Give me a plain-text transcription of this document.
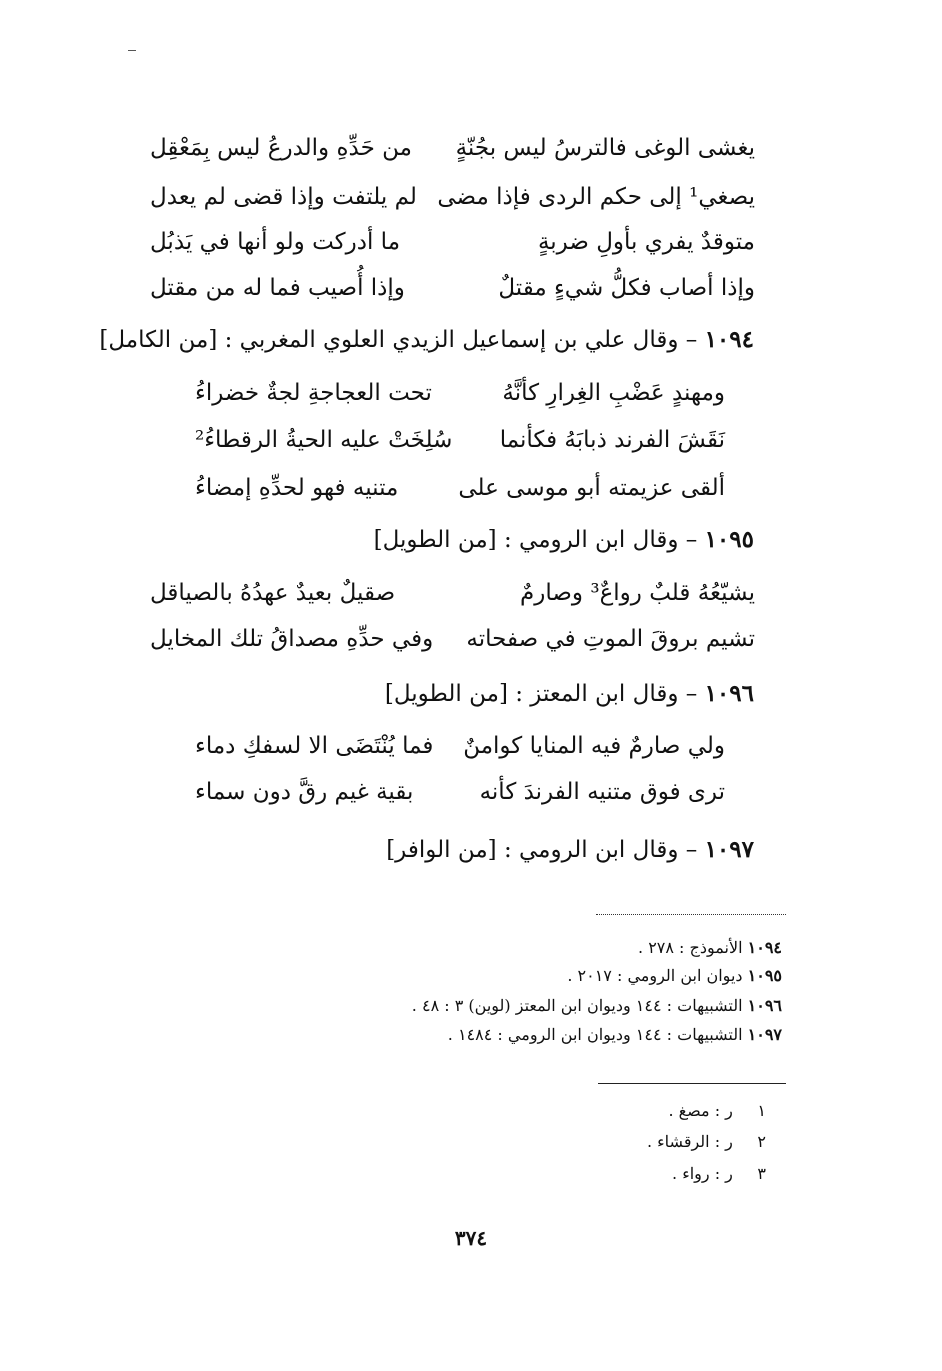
يغشى الوغى فالترسُ ليس بجُنّةٍ
من حَدِّهِ والدرعُ ليس بِمَعْقِل
يصغي¹ إلى حكم الردى فإذا مضى
لم يلتفت وإذا قضى لم يعدل
متوقدٌ يفري بأولِ ضربةٍ
ما أدركت ولو أنها في يَذبُل
وإذا أصاب فكلُّ شيءٍ مقتلٌ
وإذا أُصيب فما له من مقتل
١٠٩٤ – وقال علي بن إسماعيل الزيدي العلوي المغربي : [من الكامل]
ومهندٍ عَضْبِ الغِرارِ كأنَّهُ
تحت العجاجةِ لجةٌ خضراءُ
نَقَشَ الفرند ذبابَهُ فكأنما
سُلِخَتْ عليه الحيةُ الرقطاءُ²
ألقى عزيمته أبو موسى على
متنيه فهو لحدِّهِ إمضاءُ
١٠٩٥ – وقال ابن الرومي : [من الطويل]
يشيّعُهُ قلبٌ رواعٌ³ وصارمٌ
صقيلٌ بعيدٌ عهدُهُ بالصياقل
تشيم بروقَ الموتِ في صفحاته
وفي حدِّهِ مصداقُ تلك المخايل
١٠٩٦ – وقال ابن المعتز : [من الطويل]
ولي صارمٌ فيه المنايا كوامنٌ
فما يُنْتَضَى الا لسفكِ دماء
ترى فوق متنيه الفرندَ كأنه
بقية غيم رقَّ دون سماء
١٠٩٧ – وقال ابن الرومي : [من الوافر]
١٠٩٤ الأنموذج : ٢٧٨ .
١٠٩٥ ديوان ابن الرومي : ٢٠١٧ .
١٠٩٦ التشبيهات : ١٤٤ وديوان ابن المعتز (لوين) ٣ : ٤٨ .
١٠٩٧ التشبيهات : ١٤٤ وديوان ابن الرومي : ١٤٨٤ .
١ ر : مصغ .
٢ ر : الرقشاء .
٣ ر : رواء .
٣٧٤
